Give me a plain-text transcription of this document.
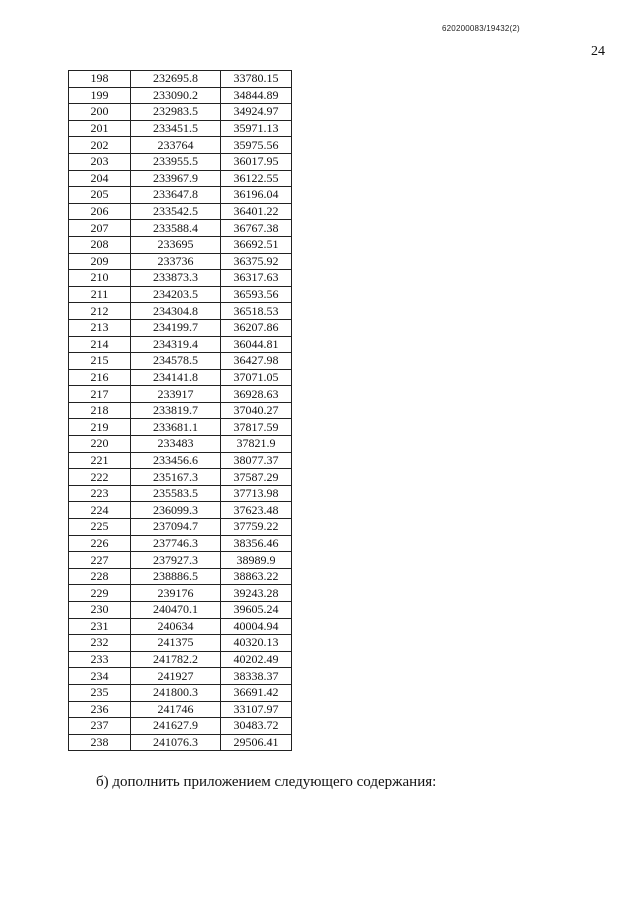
620200083/19432(2)
24
198	232695.8	33780.15
199	233090.2	34844.89
200	232983.5	34924.97
201	233451.5	35971.13
202	233764	35975.56
203	233955.5	36017.95
204	233967.9	36122.55
205	233647.8	36196.04
206	233542.5	36401.22
207	233588.4	36767.38
208	233695	36692.51
209	233736	36375.92
210	233873.3	36317.63
211	234203.5	36593.56
212	234304.8	36518.53
213	234199.7	36207.86
214	234319.4	36044.81
215	234578.5	36427.98
216	234141.8	37071.05
217	233917	36928.63
218	233819.7	37040.27
219	233681.1	37817.59
220	233483	37821.9
221	233456.6	38077.37
222	235167.3	37587.29
223	235583.5	37713.98
224	236099.3	37623.48
225	237094.7	37759.22
226	237746.3	38356.46
227	237927.3	38989.9
228	238886.5	38863.22
229	239176	39243.28
230	240470.1	39605.24
231	240634	40004.94
232	241375	40320.13
233	241782.2	40202.49
234	241927	38338.37
235	241800.3	36691.42
236	241746	33107.97
237	241627.9	30483.72
238	241076.3	29506.41
б) дополнить приложением следующего содержания:
